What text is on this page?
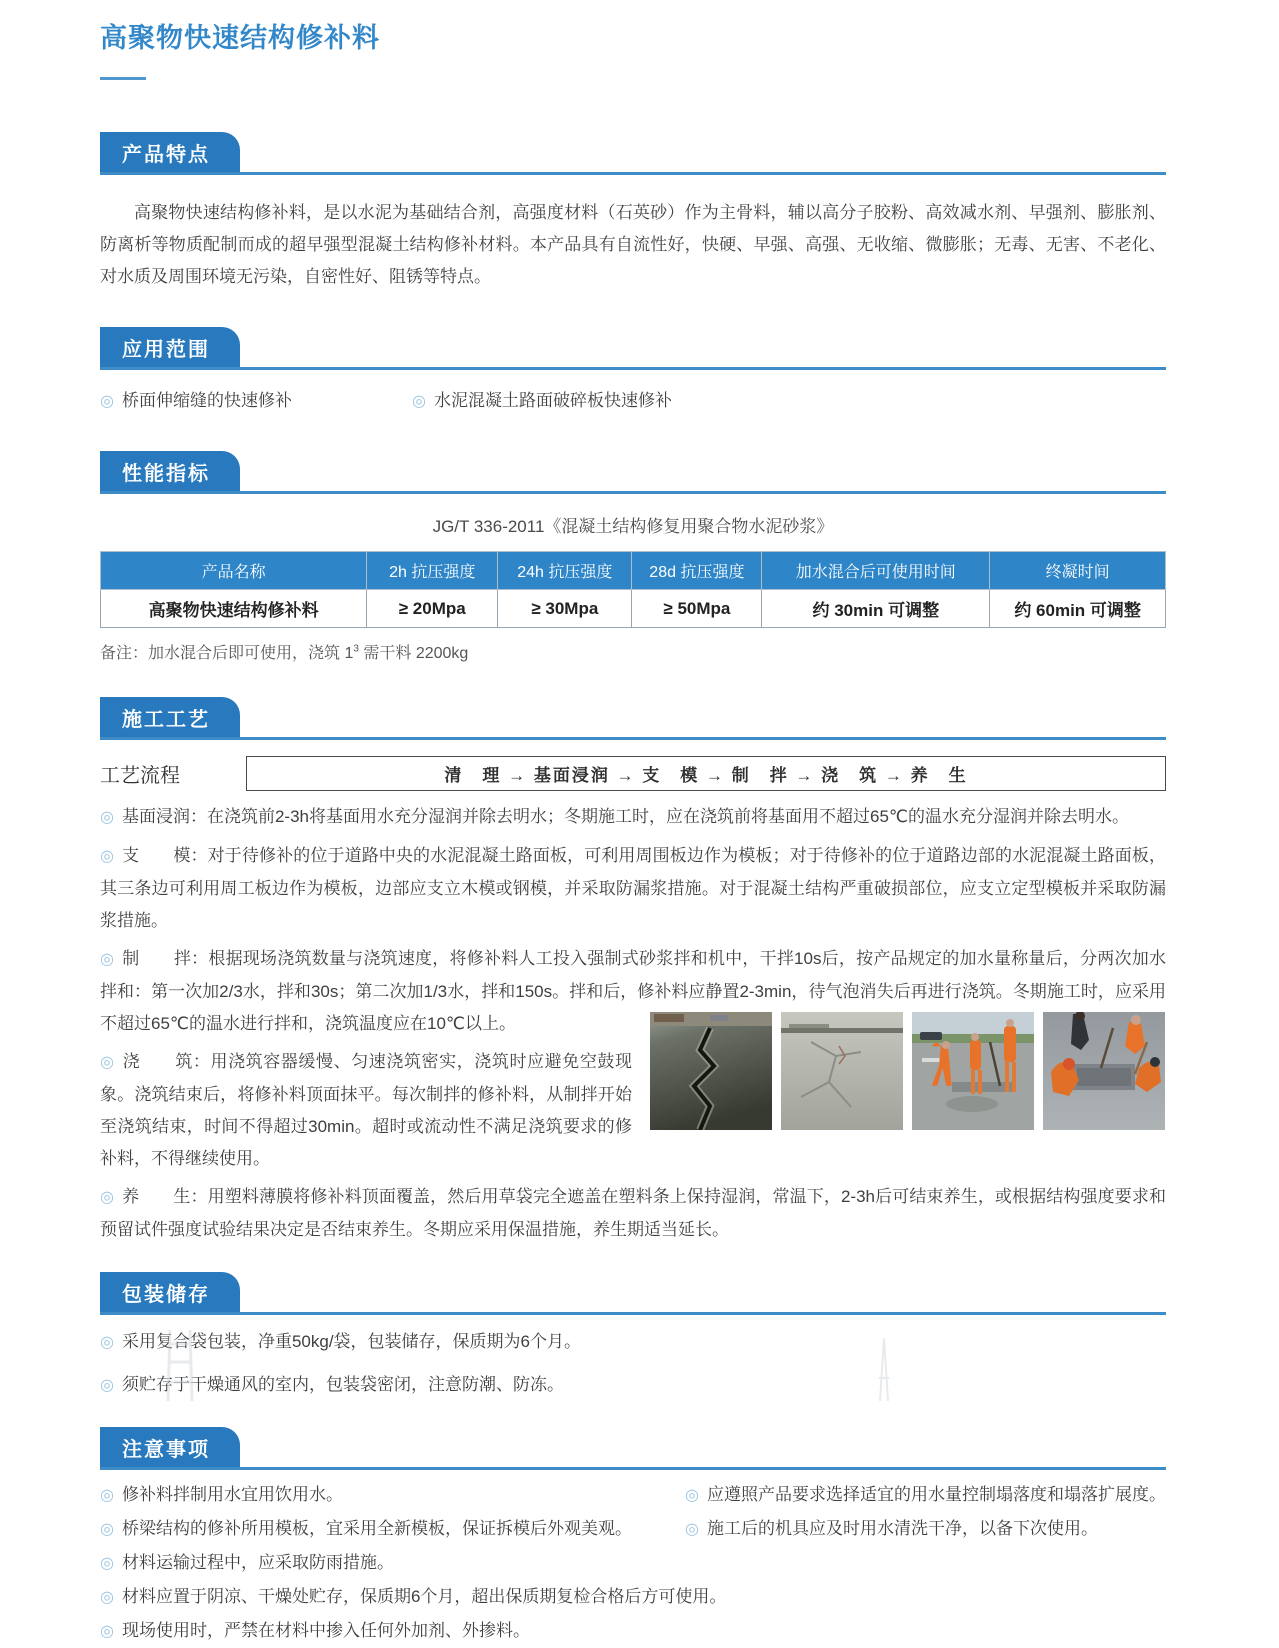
高聚物快速结构修补料
产品特点

高聚物快速结构修补料，是以水泥为基础结合剂，高强度材料（石英砂）作为主骨料，辅以高分子胶粉、高效减水剂、早强剂、膨胀剂、防离析等物质配制而成的超早强型混凝土结构修补材料。本产品具有自流性好，快硬、早强、高强、无收缩、微膨胀；无毒、无害、不老化、对水质及周围环境无污染，自密性好、阻锈等特点。

应用范围
◎ 桥面伸缩缝的快速修补	◎ 水泥混凝土路面破碎板快速修补
性能指标
JG/T 336-2011《混凝土结构修复用聚合物水泥砂浆》
产品名称	2h 抗压强度	24h 抗压强度	28d 抗压强度	加水混合后可使用时间	终凝时间
高聚物快速结构修补料	≥ 20Mpa	≥ 30Mpa	≥ 50Mpa	约 30min 可调整	约 60min 可调整
备注：加水混合后即可使用，浇筑 $1^3$ 需干料 2200kg
施工工艺
工艺流程	清　理 → 基面浸润 → 支　模 → 制　拌 → 浇　筑 → 养　生

◎ 基面浸润：在浇筑前2-3h将基面用水充分湿润并除去明水；冬期施工时，应在浇筑前将基面用不超过65℃的温水充分湿润并除去明水。

◎ 支　　模：对于待修补的位于道路中央的水泥混凝土路面板，可利用周围板边作为模板；对于待修补的位于道路边部的水泥混凝土路面板，其三条边可利用周工板边作为模板，边部应支立木模或钢模，并采取防漏浆措施。对于混凝土结构严重破损部位，应支立定型模板并采取防漏浆措施。

◎ 制　　拌：根据现场浇筑数量与浇筑速度，将修补料人工投入强制式砂浆拌和机中，干拌10s后，按产品规定的加水量称量后，分两次加水拌和：第一次加2/3水，拌和30s；第二次加1/3水，拌和150s。拌和后，修补料应静置2-3min，待气泡消失后再进行浇筑。冬期施工时，应采用不
超过65℃的温水进行拌和，浇筑温度应在10℃以上。

◎ 浇　　筑：用浇筑容器缓慢、匀速浇筑密实，浇筑时应避免空鼓现象。浇筑结束后，将修补料顶面抹平。每次制拌的修补料，从制拌开始至浇筑结束，时间不得超过30min。超时或流动性不满足浇筑要求的修补料，不得继续使用。

◎ 养　　生：用塑料薄膜将修补料顶面覆盖，然后用草袋完全遮盖在塑料条上保持湿润，常温下，2-3h后可结束养生，或根据结构强度要求和预留试件强度试验结果决定是否结束养生。冬期应采用保温措施，养生期适当延长。

包装储存
◎ 采用复合袋包装，净重50kg/袋，包装储存，保质期为6个月。
◎ 须贮存于干燥通风的室内，包装袋密闭，注意防潮、防冻。
注意事项
◎ 修补料拌制用水宜用饮用水。	◎ 应遵照产品要求选择适宜的用水量控制塌落度和塌落扩展度。
◎ 桥梁结构的修补所用模板，宜采用全新模板，保证拆模后外观美观。	◎ 施工后的机具应及时用水清洗干净，以备下次使用。
◎ 材料运输过程中，应采取防雨措施。
◎ 材料应置于阴凉、干燥处贮存，保质期6个月，超出保质期复检合格后方可使用。
◎ 现场使用时，严禁在材料中掺入任何外加剂、外掺料。
